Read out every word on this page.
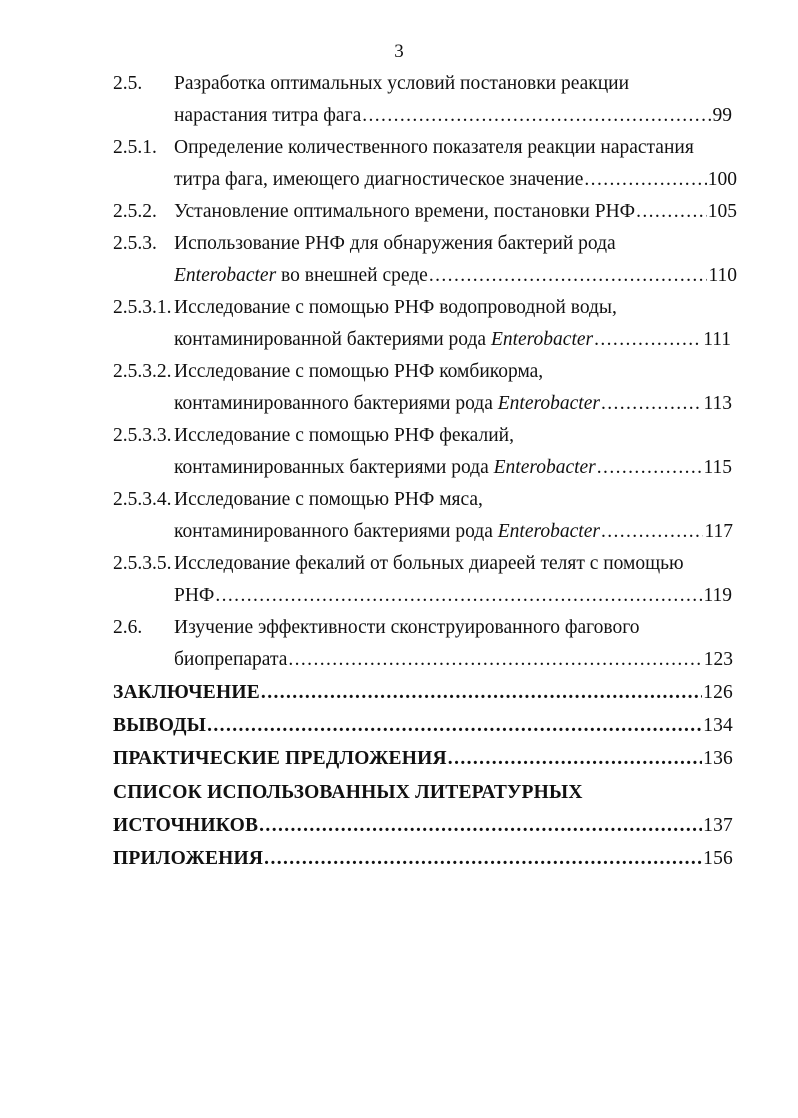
3
2.5. Разработка оптимальных условий постановки реакции
нарастания титра фага .....	99
2.5.1. Определение количественного показателя реакции нарастания
титра фага, имеющего диагностическое значение .....	100
2.5.2. Установление оптимального времени, постановки РНФ .....	105
2.5.3. Использование РНФ для обнаружения бактерий рода
Enterobacter во внешней среде .....	110
2.5.3.1. Исследование с помощью РНФ водопроводной воды,
контаминированной бактериями рода Enterobacter .....	111
2.5.3.2. Исследование с помощью РНФ комбикорма,
контаминированного бактериями рода Enterobacter .....	113
2.5.3.3. Исследование с помощью РНФ фекалий,
контаминированных бактериями рода Enterobacter .....	115
2.5.3.4. Исследование с помощью РНФ мяса,
контаминированного бактериями рода Enterobacter .....	117
2.5.3.5. Исследование фекалий от больных диареей телят с помощью
РНФ .....	119
2.6. Изучение эффективности сконструированного фагового
биопрепарата .....	123
ЗАКЛЮЧЕНИЕ .....	126
ВЫВОДЫ .....	134
ПРАКТИЧЕСКИЕ ПРЕДЛОЖЕНИЯ .....	136
СПИСОК ИСПОЛЬЗОВАННЫХ ЛИТЕРАТУРНЫХ
ИСТОЧНИКОВ .....	137
ПРИЛОЖЕНИЯ .....	156
